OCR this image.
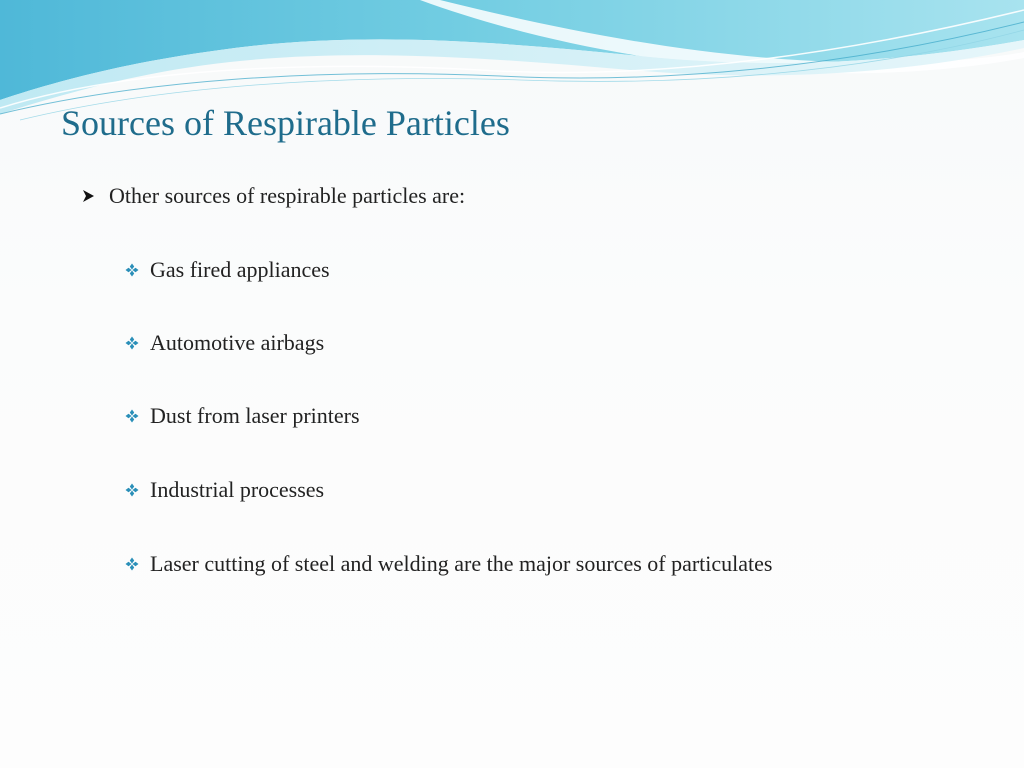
Sources of Respirable Particles
Other sources of respirable particles are:
Gas fired appliances
Automotive airbags
Dust from laser printers
Industrial processes
Laser cutting of steel and welding are the major sources of particulates
